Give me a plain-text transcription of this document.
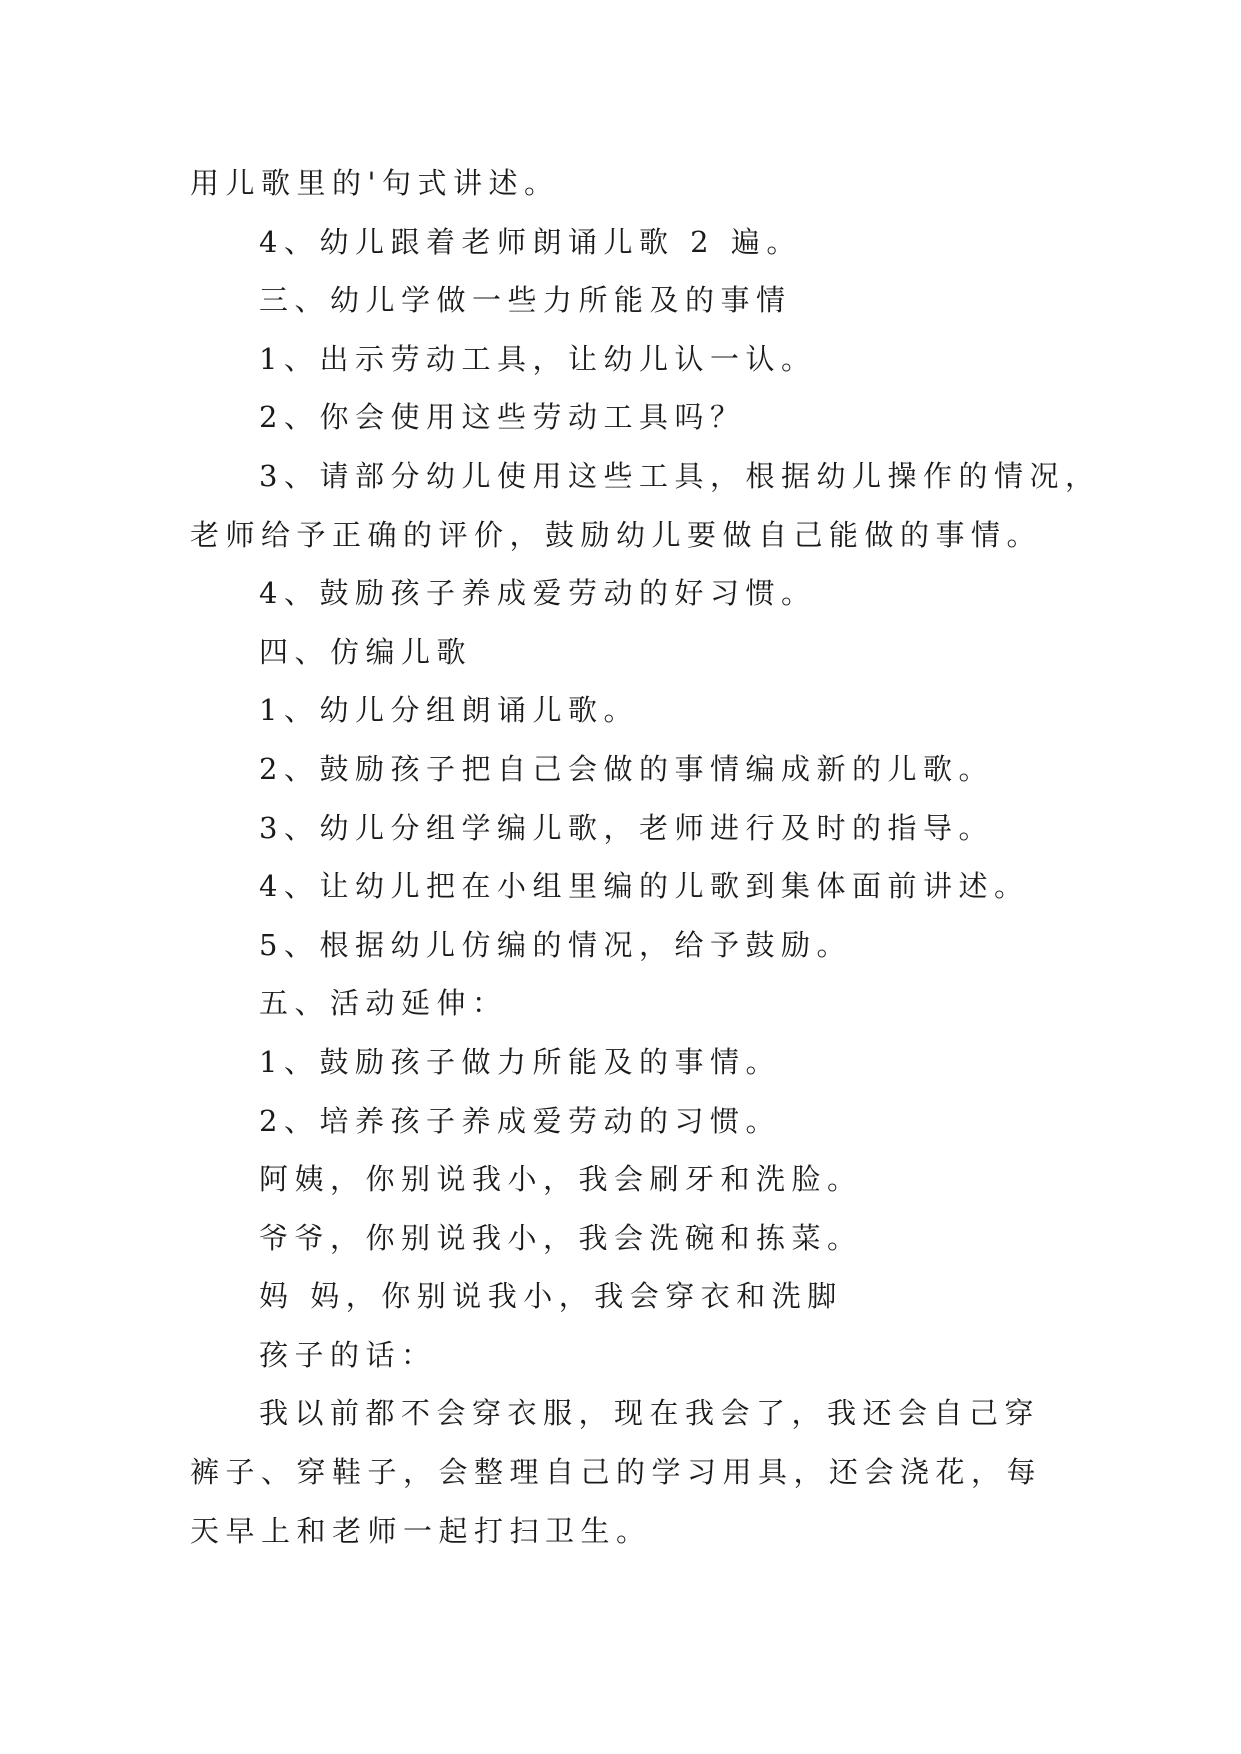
用儿歌里的'句式讲述。
4、幼儿跟着老师朗诵儿歌 2 遍。
三、幼儿学做一些力所能及的事情
1、出示劳动工具，让幼儿认一认。
2、你会使用这些劳动工具吗？
3、请部分幼儿使用这些工具，根据幼儿操作的情况，
老师给予正确的评价，鼓励幼儿要做自己能做的事情。
4、鼓励孩子养成爱劳动的好习惯。
四、仿编儿歌
1、幼儿分组朗诵儿歌。
2、鼓励孩子把自己会做的事情编成新的儿歌。
3、幼儿分组学编儿歌，老师进行及时的指导。
4、让幼儿把在小组里编的儿歌到集体面前讲述。
5、根据幼儿仿编的情况，给予鼓励。
五、活动延伸：
1、鼓励孩子做力所能及的事情。
2、培养孩子养成爱劳动的习惯。
阿姨，你别说我小，我会刷牙和洗脸。
爷爷，你别说我小，我会洗碗和拣菜。
妈 妈，你别说我小，我会穿衣和洗脚
孩子的话：
我以前都不会穿衣服，现在我会了，我还会自己穿裤子、穿鞋子，会整理自己的学习用具，还会浇花，每天早上和老师一起打扫卫生。
